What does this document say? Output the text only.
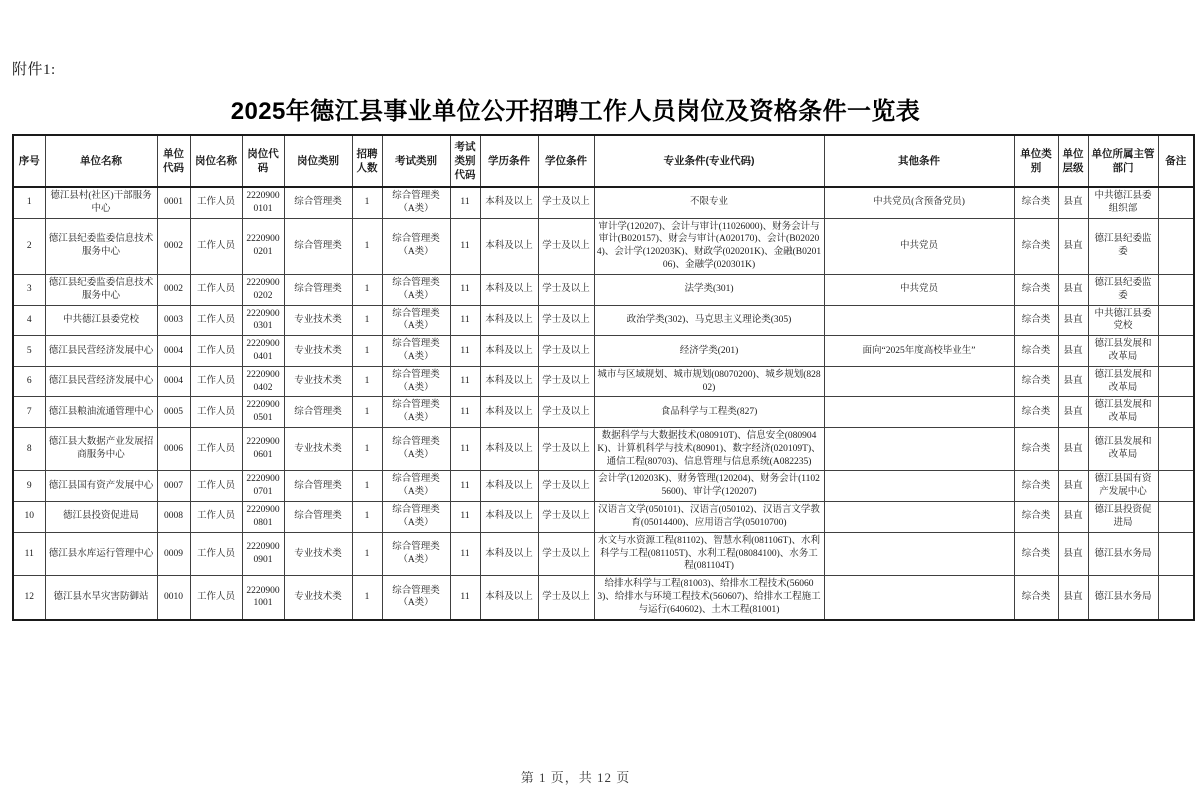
附件1:
2025年德江县事业单位公开招聘工作人员岗位及资格条件一览表
序号	单位名称	单位代码	岗位名称	岗位代码	岗位类别	招聘人数	考试类别	考试类别代码	学历条件	学位条件	专业条件(专业代码)	其他条件	单位类别	单位层级	单位所属主管部门	备注
1	德江县村(社区)干部服务中心	0001	工作人员	22209000101	综合管理类	1	综合管理类（A类）	11	本科及以上	学士及以上	不限专业	中共党员(含预备党员)	综合类	县直	中共德江县委组织部	
2	德江县纪委监委信息技术服务中心	0002	工作人员	22209000201	综合管理类	1	综合管理类（A类）	11	本科及以上	学士及以上	审计学(120207)、会计与审计(11026000)、财务会计与审计(B020157)、财会与审计(A020170)、会计(B020204)、会计学(120203K)、财政学(020201K)、金融(B020106)、金融学(020301K)	中共党员	综合类	县直	德江县纪委监委	
3	德江县纪委监委信息技术服务中心	0002	工作人员	22209000202	综合管理类	1	综合管理类（A类）	11	本科及以上	学士及以上	法学类(301)	中共党员	综合类	县直	德江县纪委监委	
4	中共德江县委党校	0003	工作人员	22209000301	专业技术类	1	综合管理类（A类）	11	本科及以上	学士及以上	政治学类(302)、马克思主义理论类(305)		综合类	县直	中共德江县委党校	
5	德江县民营经济发展中心	0004	工作人员	22209000401	专业技术类	1	综合管理类（A类）	11	本科及以上	学士及以上	经济学类(201)	面向“2025年度高校毕业生”	综合类	县直	德江县发展和改革局	
6	德江县民营经济发展中心	0004	工作人员	22209000402	专业技术类	1	综合管理类（A类）	11	本科及以上	学士及以上	城市与区域规划、城市规划(08070200)、城乡规划(82802)		综合类	县直	德江县发展和改革局	
7	德江县粮油流通管理中心	0005	工作人员	22209000501	综合管理类	1	综合管理类（A类）	11	本科及以上	学士及以上	食品科学与工程类(827)		综合类	县直	德江县发展和改革局	
8	德江县大数据产业发展招商服务中心	0006	工作人员	22209000601	专业技术类	1	综合管理类（A类）	11	本科及以上	学士及以上	数据科学与大数据技术(080910T)、信息安全(080904K)、计算机科学与技术(80901)、数字经济(020109T)、通信工程(80703)、信息管理与信息系统(A082235)		综合类	县直	德江县发展和改革局	
9	德江县国有资产发展中心	0007	工作人员	22209000701	综合管理类	1	综合管理类（A类）	11	本科及以上	学士及以上	会计学(120203K)、财务管理(120204)、财务会计(11025600)、审计学(120207)		综合类	县直	德江县国有资产发展中心	
10	德江县投资促进局	0008	工作人员	22209000801	综合管理类	1	综合管理类（A类）	11	本科及以上	学士及以上	汉语言文学(050101)、汉语言(050102)、汉语言文学教育(05014400)、应用语言学(05010700)		综合类	县直	德江县投资促进局	
11	德江县水库运行管理中心	0009	工作人员	22209000901	专业技术类	1	综合管理类（A类）	11	本科及以上	学士及以上	水文与水资源工程(81102)、智慧水利(081106T)、水利科学与工程(081105T)、水利工程(08084100)、水务工程(081104T)		综合类	县直	德江县水务局	
12	德江县水旱灾害防御站	0010	工作人员	22209001001	专业技术类	1	综合管理类（A类）	11	本科及以上	学士及以上	给排水科学与工程(81003)、给排水工程技术(560603)、给排水与环境工程技术(560607)、给排水工程施工与运行(640602)、土木工程(81001)		综合类	县直	德江县水务局	
第 1 页，共 12 页
